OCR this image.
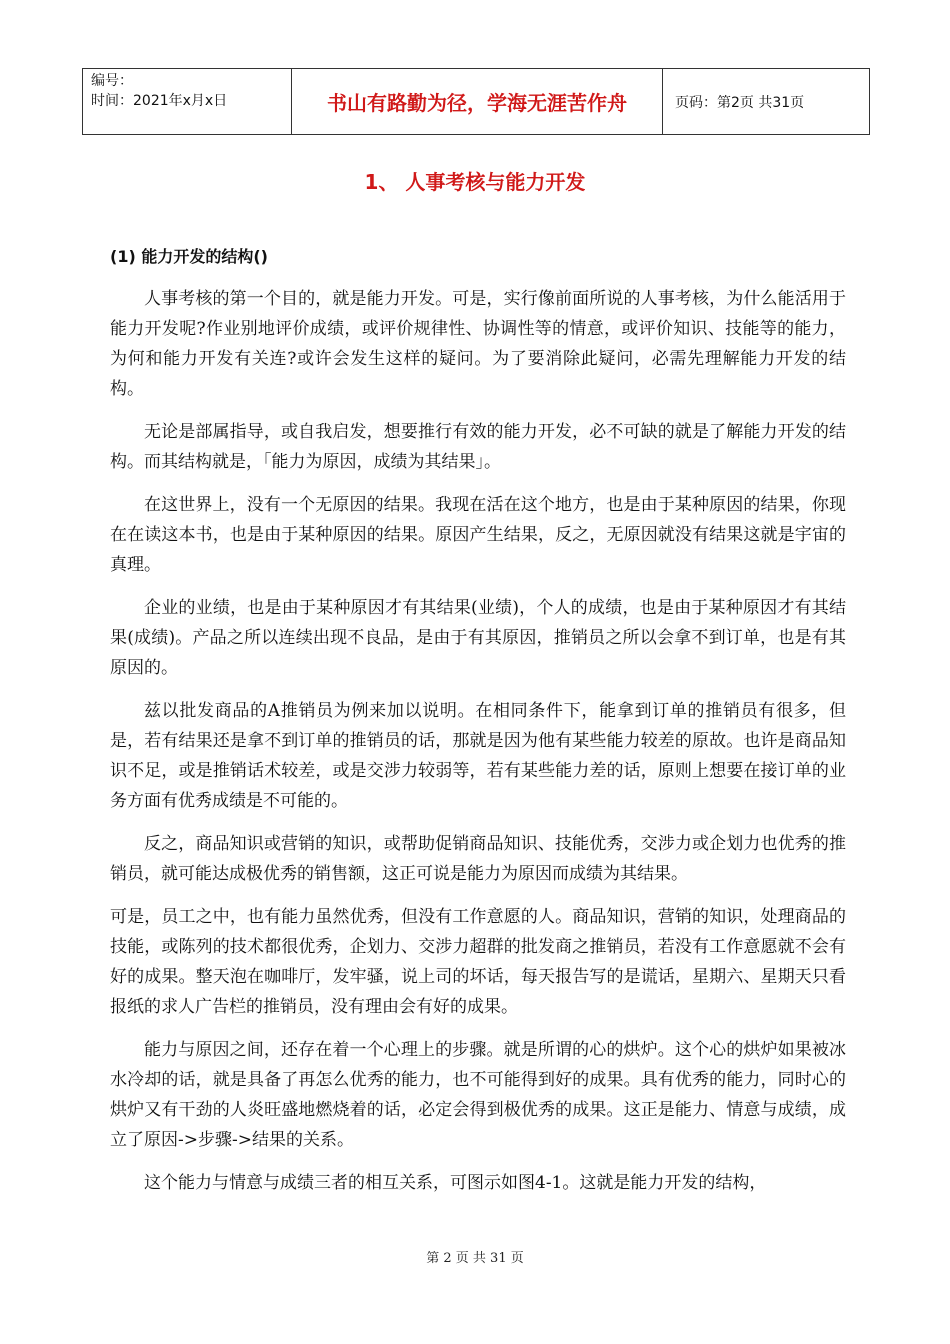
编号：
时间：2021年x月x日	书山有路勤为径，学海无涯苦作舟	页码：第2页 共31页
1、 人事考核与能力开发
(1) 能力开发的结构()

人事考核的第一个目的，就是能力开发。可是，实行像前面所说的人事考核，为什么能活用于能力开发呢?作业别地评价成绩，或评价规律性、协调性等的情意，或评价知识、技能等的能力，为何和能力开发有关连?或许会发生这样的疑问。为了要消除此疑问，必需先理解能力开发的结构。

无论是部属指导，或自我启发，想要推行有效的能力开发，必不可缺的就是了解能力开发的结构。而其结构就是，「能力为原因，成绩为其结果」。

在这世界上，没有一个无原因的结果。我现在活在这个地方，也是由于某种原因的结果，你现在在读这本书，也是由于某种原因的结果。原因产生结果，反之，无原因就没有结果这就是宇宙的真理。

企业的业绩，也是由于某种原因才有其结果(业绩)，个人的成绩，也是由于某种原因才有其结果(成绩)。产品之所以连续出现不良品，是由于有其原因，推销员之所以会拿不到订单，也是有其原因的。

兹以批发商品的A推销员为例来加以说明。在相同条件下，能拿到订单的推销员有很多，但是，若有结果还是拿不到订单的推销员的话，那就是因为他有某些能力较差的原故。也许是商品知识不足，或是推销话术较差，或是交涉力较弱等，若有某些能力差的话，原则上想要在接订单的业务方面有优秀成绩是不可能的。

反之，商品知识或营销的知识，或帮助促销商品知识、技能优秀，交涉力或企划力也优秀的推销员，就可能达成极优秀的销售额，这正可说是能力为原因而成绩为其结果。

可是，员工之中，也有能力虽然优秀，但没有工作意愿的人。商品知识，营销的知识，处理商品的技能，或陈列的技术都很优秀，企划力、交涉力超群的批发商之推销员，若没有工作意愿就不会有好的成果。整天泡在咖啡厅，发牢骚，说上司的坏话，每天报告写的是谎话，星期六、星期天只看报纸的求人广告栏的推销员，没有理由会有好的成果。

能力与原因之间，还存在着一个心理上的步骤。就是所谓的心的烘炉。这个心的烘炉如果被冰水冷却的话，就是具备了再怎么优秀的能力，也不可能得到好的成果。具有优秀的能力，同时心的烘炉又有干劲的人炎旺盛地燃烧着的话，必定会得到极优秀的成果。这正是能力、情意与成绩，成立了原因->步骤->结果的关系。

这个能力与情意与成绩三者的相互关系，可图示如图4-1。这就是能力开发的结构，

第 2 页 共 31 页
